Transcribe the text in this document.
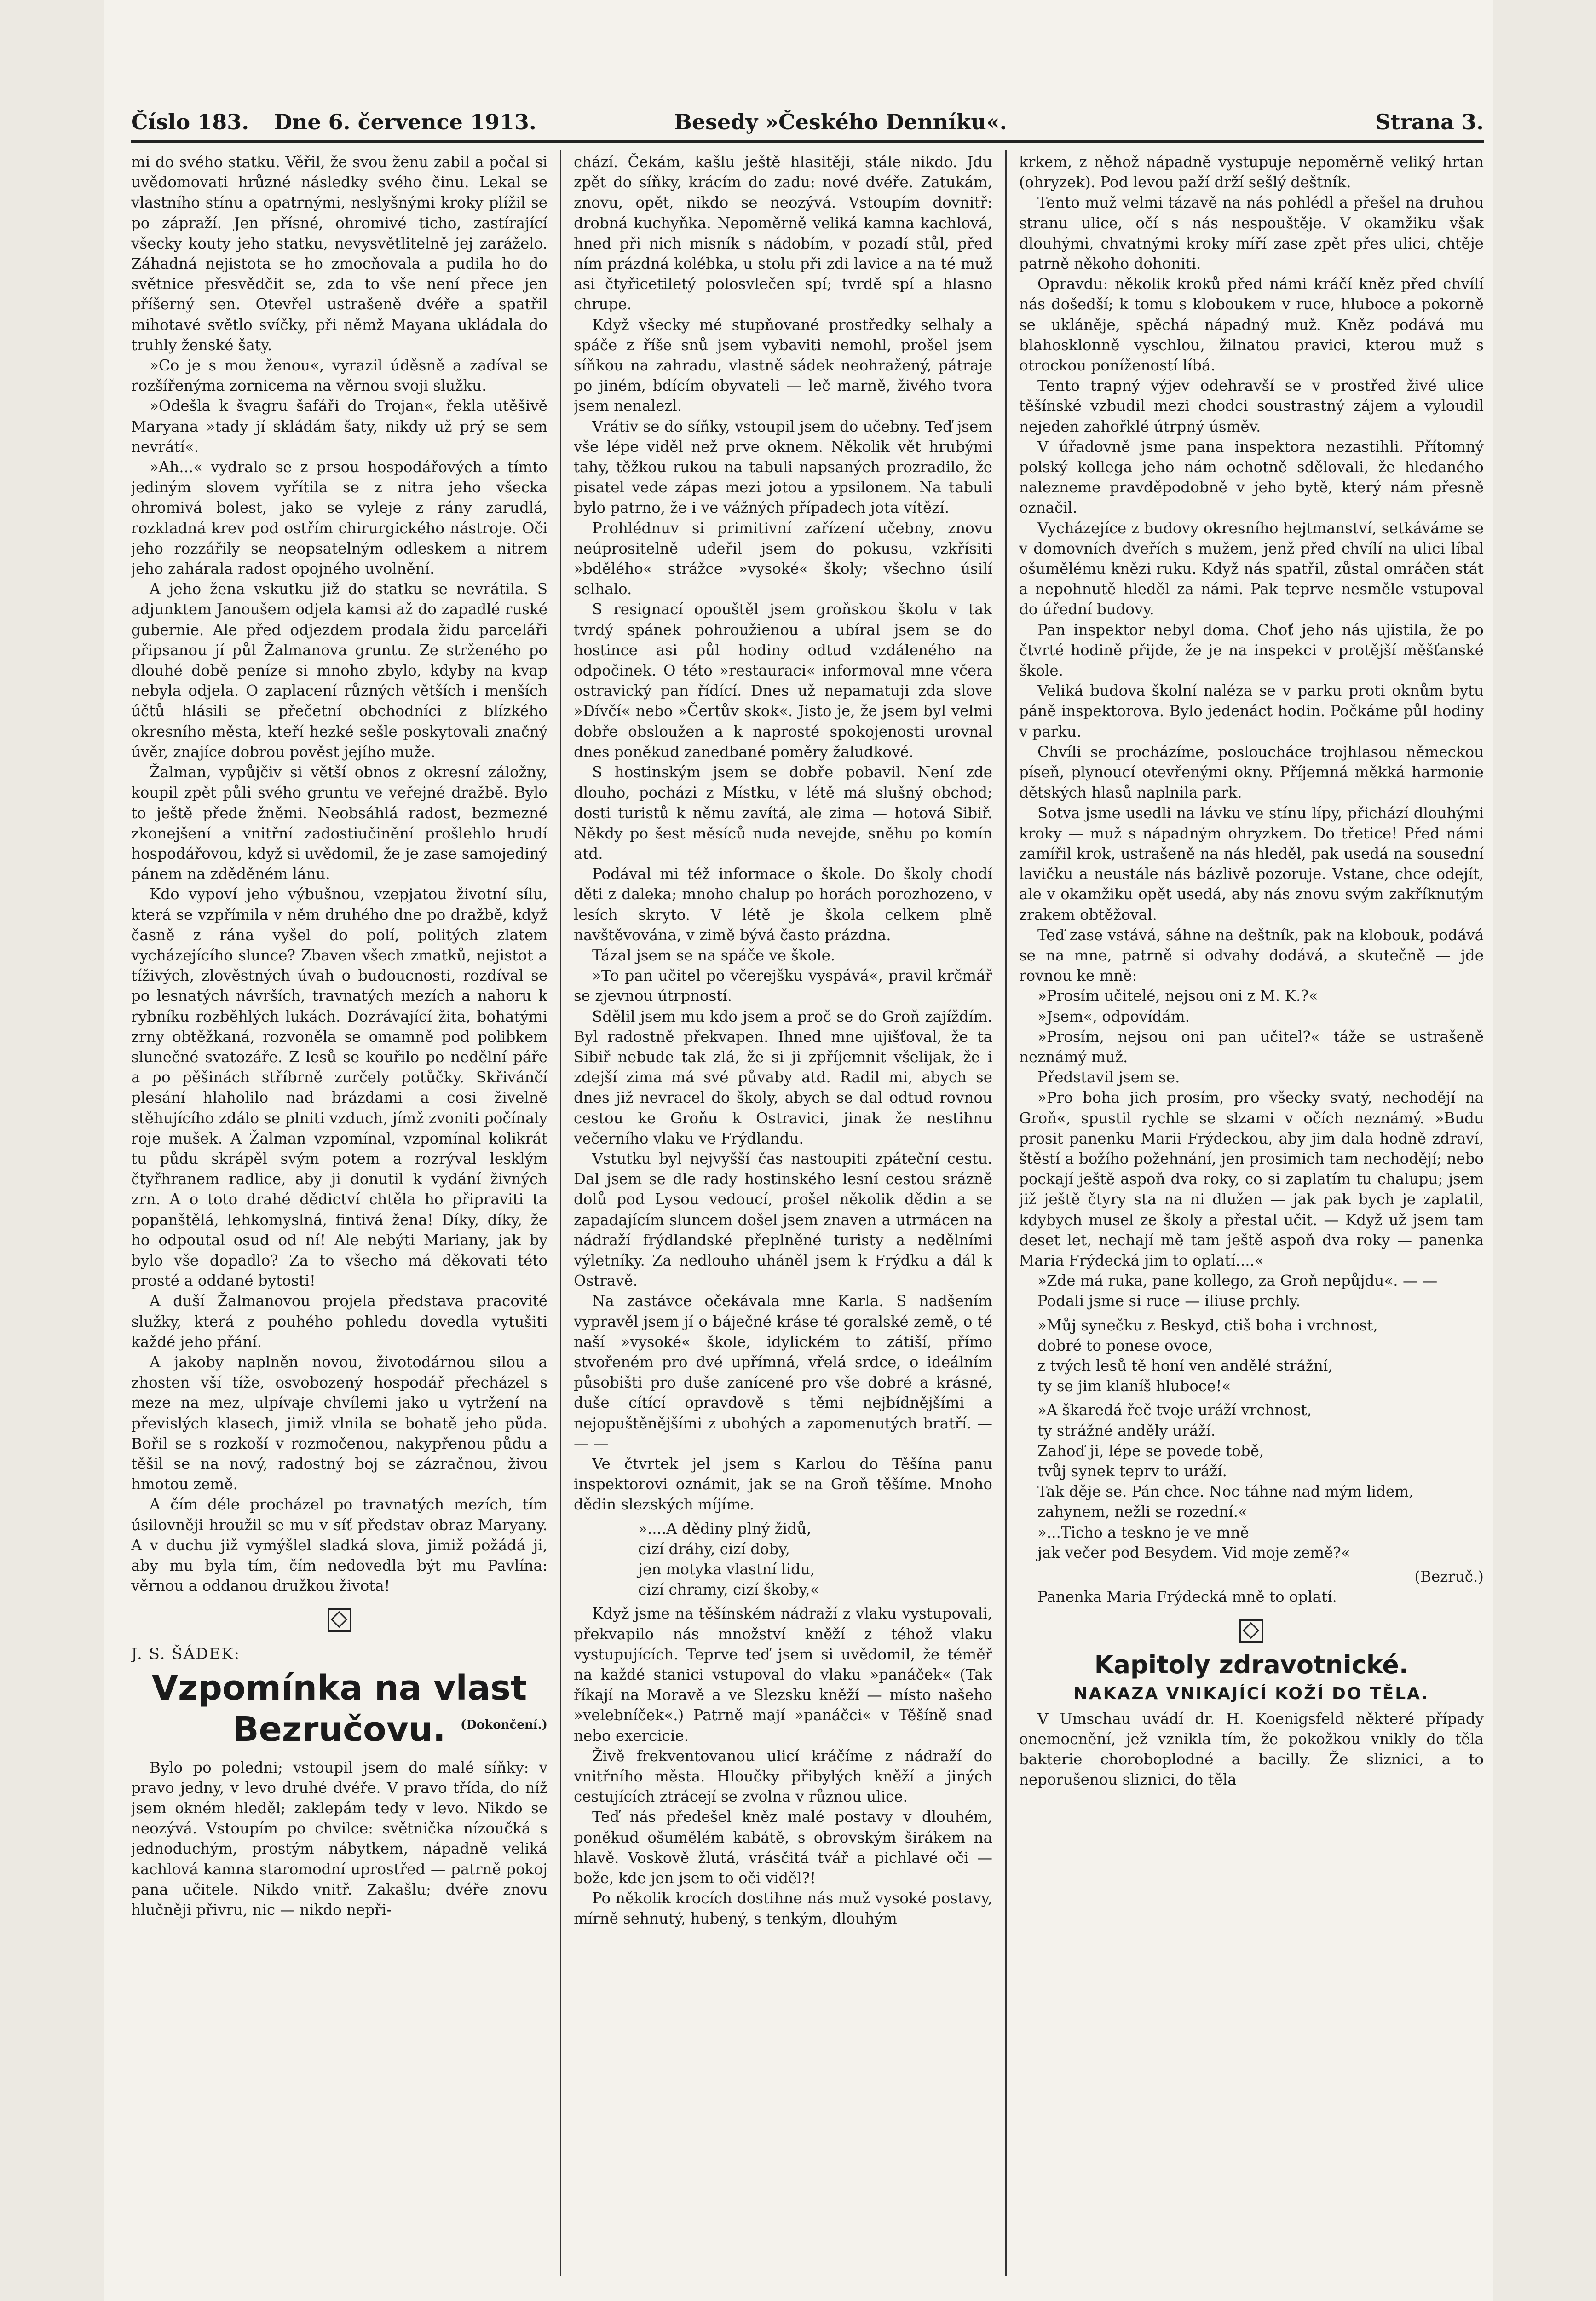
Číslo 183. Dne 6. července 1913.	Besedy »Českého Denníku«.	Strana 3.

mi do svého statku. Věřil, že svou ženu zabil a počal si uvědomovati hrůzné následky svého činu. Lekal se vlastního stínu a opatrnými, neslyšnými kroky plížil se po zápraží. Jen přísné, ohromivé ticho, zastírající všecky kouty jeho statku, nevysvětlitelně jej zaráželo. Záhadná nejistota se ho zmocňovala a pudila ho do světnice přesvědčit se, zda to vše není přece jen příšerný sen. Otevřel ustrašeně dvéře a spatřil mihotavé světlo svíčky, při němž Mayana ukládala do truhly ženské šaty.

»Co je s mou ženou«, vyrazil úděsně a zadíval se rozšířenýma zornicema na věrnou svoji služku.

»Odešla k švagru šafáři do Trojan«, řekla utěšivě Maryana »tady jí skládám šaty, nikdy už prý se sem nevrátí«.

»Ah...« vydralo se z prsou hospodářových a tímto jediným slovem vyřítila se z nitra jeho všecka ohromivá bolest, jako se vyleje z rány zarudlá, rozkladná krev pod ostřím chirurgického nástroje. Oči jeho rozzářily se neopsatelným odleskem a nitrem jeho zahárala radost opojného uvolnění.

A jeho žena vskutku již do statku se nevrátila. S adjunktem Janoušem odjela kamsi až do zapadlé ruské gubernie. Ale před odjezdem prodala židu parceláři připsanou jí půl Žalmanova gruntu. Ze strženého po dlouhé době peníze si mnoho zbylo, kdyby na kvap nebyla odjela. O zaplacení různých větších i menších účtů hlásili se přečetní obchodníci z blízkého okresního města, kteří hezké sešle poskytovali značný úvěr, znajíce dobrou pověst jejího muže.

Žalman, vypůjčiv si větší obnos z okresní záložny, koupil zpět půli svého gruntu ve veřejné dražbě. Bylo to ještě přede žněmi. Neobsáhlá radost, bezmezné zkonejšení a vnitřní zadostiučinění prošlehlo hrudí hospodářovou, když si uvědomil, že je zase samojediný pánem na zděděném lánu.

Kdo vypoví jeho výbušnou, vzepjatou životní sílu, která se vzpřímila v něm druhého dne po dražbě, když časně z rána vyšel do polí, politých zlatem vycházejícího slunce? Zbaven všech zmatků, nejistot a tíživých, zlověstných úvah o budoucnosti, rozdíval se po lesnatých návrších, travnatých mezích a nahoru k rybníku rozběhlých lukách. Dozrávající žita, bohatými zrny obtěžkaná, rozvoněla se omamně pod polibkem slunečné svatozáře. Z lesů se kouřilo po nedělní páře a po pěšinách stříbrně zurčely potůčky. Skřivánčí plesání hlaholilo nad brázdami a cosi živelně stěhujícího zdálo se plniti vzduch, jímž zvoniti počínaly roje mušek. A Žalman vzpomínal, vzpomínal kolikrát tu půdu skrápěl svým potem a rozrýval lesklým čtyřhranem radlice, aby ji donutil k vydání živných zrn. A o toto drahé dědictví chtěla ho připraviti ta popanštělá, lehkomyslná, fintivá žena! Díky, díky, že ho odpoutal osud od ní! Ale nebýti Mariany, jak by bylo vše dopadlo? Za to všecho má děkovati této prosté a oddané bytosti!

A duší Žalmanovou projela představa pracovité služky, která z pouhého pohledu dovedla vytušiti každé jeho přání.

A jakoby naplněn novou, životodárnou silou a zhosten vší tíže, osvobozený hospodář přecházel s meze na mez, ulpívaje chvílemi jako u vytržení na převislých klasech, jimiž vlnila se bohatě jeho půda. Bořil se s rozkoší v rozmočenou, nakypřenou půdu a těšil se na nový, radostný boj se zázračnou, živou hmotou země.

A čím déle procházel po travnatých mezích, tím úsilovněji hroužil se mu v síť představ obraz Maryany. A v duchu již vymýšlel sladká slova, jimiž požádá ji, aby mu byla tím, čím nedovedla být mu Pavlína: věrnou a oddanou družkou života!

J. S. ŠÁDEK:

Vzpomínka na vlast
Bezručovu. (Dokončení.)

Bylo po poledni; vstoupil jsem do malé síňky: v pravo jedny, v levo druhé dvéře. V pravo třída, do níž jsem okném hleděl; zaklepám tedy v levo. Nikdo se neozývá. Vstoupím po chvilce: světnička nízoučká s jednoduchým, prostým nábytkem, nápadně veliká kachlová kamna staromodní uprostřed — patrně pokoj pana učitele. Nikdo vnitř. Zakašlu; dvéře znovu hlučněji přivru, nic — nikdo nepři-

chází. Čekám, kašlu ještě hlasitěji, stále nikdo. Jdu zpět do síňky, krácím do zadu: nové dvéře. Zatukám, znovu, opět, nikdo se neozývá. Vstoupím dovnitř: drobná kuchyňka. Nepoměrně veliká kamna kachlová, hned při nich misník s nádobím, v pozadí stůl, před ním prázdná kolébka, u stolu při zdi lavice a na té muž asi čtyřicetiletý polosvlečen spí; tvrdě spí a hlasno chrupe.

Když všecky mé stupňované prostředky selhaly a spáče z říše snů jsem vybaviti nemohl, prošel jsem síňkou na zahradu, vlastně sádek neohražený, pátraje po jiném, bdícím obyvateli — leč marně, živého tvora jsem nenalezl.

Vrátiv se do síňky, vstoupil jsem do učebny. Teď jsem vše lépe viděl než prve oknem. Několik vět hrubými tahy, těžkou rukou na tabuli napsaných prozradilo, že pisatel vede zápas mezi jotou a ypsilonem. Na tabuli bylo patrno, že i ve vážných případech jota vítězí.

Prohlédnuv si primitivní zařízení učebny, znovu neúprositelně udeřil jsem do pokusu, vzkřísiti »bdělého« strážce »vysoké« školy; všechno úsilí selhalo.

S resignací opouštěl jsem groňskou školu v tak tvrdý spánek pohroužienou a ubíral jsem se do hostince asi půl hodiny odtud vzdáleného na odpočinek. O této »restauraci« informoval mne včera ostravický pan řídící. Dnes už nepamatuji zda slove »Dívčí« nebo »Čertův skok«. Jisto je, že jsem byl velmi dobře obsloužen a k naprosté spokojenosti urovnal dnes poněkud zanedbané poměry žaludkové.

S hostinským jsem se dobře pobavil. Není zde dlouho, pocházi z Místku, v létě má slušný obchod; dosti turistů k němu zavítá, ale zima — hotová Sibiř. Někdy po šest měsíců nuda nevejde, sněhu po komín atd.

Podával mi též informace o škole. Do školy chodí děti z daleka; mnoho chalup po horách porozhozeno, v lesích skryto. V létě je škola celkem plně navštěvována, v zimě bývá často prázdna.

Tázal jsem se na spáče ve škole.

»To pan učitel po včerejšku vyspává«, pravil krčmář se zjevnou útrpností.

Sdělil jsem mu kdo jsem a proč se do Groň zajíždím. Byl radostně překvapen. Ihned mne ujišťoval, že ta Sibiř nebude tak zlá, že si ji zpříjemnit všelijak, že i zdejší zima má své půvaby atd. Radil mi, abych se dnes již nevracel do školy, abych se dal odtud rovnou cestou ke Groňu k Ostravici, jinak že nestihnu večerního vlaku ve Frýdlandu.

Vstutku byl nejvyšší čas nastoupiti zpáteční cestu. Dal jsem se dle rady hostinského lesní cestou srázně dolů pod Lysou vedoucí, prošel několik dědin a se zapadajícím sluncem došel jsem znaven a utrmácen na nádraží frýdlandské přeplněné turisty a nedělními výletníky. Za nedlouho uháněl jsem k Frýdku a dál k Ostravě.

Na zastávce očekávala mne Karla. S nadšením vypravěl jsem jí o báječné kráse té goralské země, o té naší »vysoké« škole, idylickém to zátiší, přímo stvořeném pro dvé upřímná, vřelá srdce, o ideálním působišti pro duše zanícené pro vše dobré a krásné, duše cítící opravdově s těmi nejbídnějšími a nejopuštěnějšími z ubohých a zapomenutých bratří. — — —

Ve čtvrtek jel jsem s Karlou do Těšína panu inspektorovi oznámit, jak se na Groň těšíme. Mnoho dědin slezských míjíme.

»....A dědiny plný židů,
cizí dráhy, cizí doby,
jen motyka vlastní lidu,
cizí chramy, cizí škoby,«

Když jsme na těšínském nádraží z vlaku vystupovali, překvapilo nás množství kněží z téhož vlaku vystupujících. Teprve teď jsem si uvědomil, že téměř na každé stanici vstupoval do vlaku »panáček« (Tak říkají na Moravě a ve Slezsku kněží — místo našeho »velebníček«.) Patrně mají »panáčci« v Těšíně snad nebo exercicie.

Živě frekventovanou ulicí kráčíme z nádraží do vnitřního města. Hloučky přibylých kněží a jiných cestujících ztrácejí se zvolna v různou ulice.

Teď nás předešel kněz malé postavy v dlouhém, poněkud ošumělém kabátě, s obrovským širákem na hlavě. Voskově žlutá, vrásčitá tvář a pichlavé oči — bože, kde jen jsem to oči viděl?!

Po několik krocích dostihne nás muž vysoké postavy, mírně sehnutý, hubený, s tenkým, dlouhým

krkem, z něhož nápadně vystupuje nepoměrně veliký hrtan (ohryzek). Pod levou paží drží sešlý deštník.

Tento muž velmi tázavě na nás pohlédl a přešel na druhou stranu ulice, očí s nás nespouštěje. V okamžiku však dlouhými, chvatnými kroky míří zase zpět přes ulici, chtěje patrně někoho dohoniti.

Opravdu: několik kroků před námi kráčí kněz před chvílí nás došedší; k tomu s kloboukem v ruce, hluboce a pokorně se ukláněje, spěchá nápadný muž. Kněz podává mu blahosklonně vyschlou, žilnatou pravici, kterou muž s otrockou ponížeností líbá.

Tento trapný výjev odehravší se v prostřed živé ulice těšínské vzbudil mezi chodci soustrastný zájem a vyloudil nejeden zahořklé útrpný úsměv.

V úřadovně jsme pana inspektora nezastihli. Přítomný polský kollega jeho nám ochotně sdělovali, že hledaného nalezneme pravděpodobně v jeho bytě, který nám přesně označil.

Vycházejíce z budovy okresního hejtmanství, setkáváme se v domovních dveřích s mužem, jenž před chvílí na ulici líbal ošumělému knězi ruku. Když nás spatřil, zůstal omráčen stát a nepohnutě hleděl za námi. Pak teprve nesměle vstupoval do úřední budovy.

Pan inspektor nebyl doma. Choť jeho nás ujistila, že po čtvrté hodině přijde, že je na inspekci v protější měšťanské škole.

Veliká budova školní naléza se v parku proti oknům bytu páně inspektorova. Bylo jedenáct hodin. Počkáme půl hodiny v parku.

Chvíli se procházíme, posloucháce trojhlasou německou píseň, plynoucí otevřenými okny. Příjemná měkká harmonie dětských hlasů naplnila park.

Sotva jsme usedli na lávku ve stínu lípy, přichází dlouhými kroky — muž s nápadným ohryzkem. Do třetice! Před námi zamířil krok, ustrašeně na nás hleděl, pak usedá na sousední lavičku a neustále nás bázlivě pozoruje. Vstane, chce odejít, ale v okamžiku opět usedá, aby nás znovu svým zakříknutým zrakem obtěžoval.

Teď zase vstává, sáhne na deštník, pak na klobouk, podává se na mne, patrně si odvahy dodává, a skutečně — jde rovnou ke mně:

»Prosím učitelé, nejsou oni z M. K.?«

»Jsem«, odpovídám.

»Prosím, nejsou oni pan učitel?« táže se ustrašeně neznámý muž.

Představil jsem se.

»Pro boha jich prosím, pro všecky svatý, nechodějí na Groň«, spustil rychle se slzami v očích neznámý. »Budu prosit panenku Marii Frýdeckou, aby jim dala hodně zdraví, štěstí a božího požehnání, jen prosimich tam nechodějí; nebo pockají ještě aspoň dva roky, co si zaplatím tu chalupu; jsem již ještě čtyry sta na ni dlužen — jak pak bych je zaplatil, kdybych musel ze školy a přestal učit. — Když už jsem tam deset let, nechají mě tam ještě aspoň dva roky — panenka Maria Frýdecká jim to oplatí....«

»Zde má ruka, pane kollego, za Groň nepůjdu«. — —

Podali jsme si ruce — iliuse prchly.

»Můj synečku z Beskyd, ctiš boha i vrchnost,
dobré to ponese ovoce,
z tvých lesů tě honí ven andělé strážní,
ty se jim klaníš hluboce!«

»A škaredá řeč tvoje uráží vrchnost,
ty strážné anděly uráží.
Zahoď ji, lépe se povede tobě,
tvůj synek teprv to uráží.
Tak děje se. Pán chce. Noc táhne nad mým lidem,
zahynem, nežli se rozední.«
»...Ticho a teskno je ve mně
jak večer pod Besydem. Vid moje země?«

(Bezruč.)

Panenka Maria Frýdecká mně to oplatí.

Kapitoly zdravotnické.
NAKAZA VNIKAJÍCÍ KOŽÍ DO TĚLA.

V Umschau uvádí dr. H. Koenigsfeld některé případy onemocnění, jež vznikla tím, že pokožkou vnikly do těla bakterie choroboplodné a bacilly. Že sliznici, a to neporušenou sliznici, do těla
